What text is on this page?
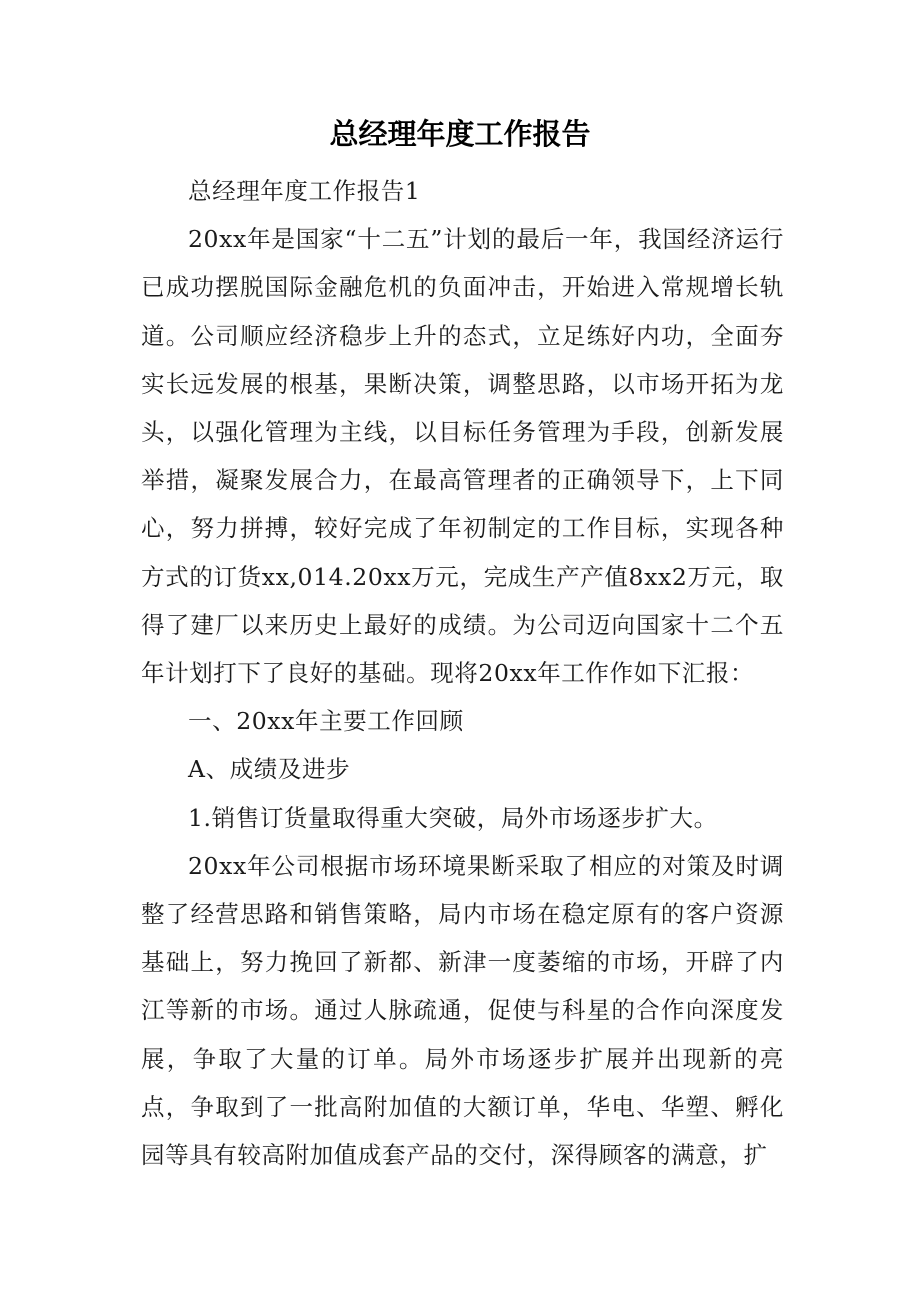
总经理年度工作报告

总经理年度工作报告1

20xx年是国家“十二五”计划的最后一年，我国经济运行已成功摆脱国际金融危机的负面冲击，开始进入常规增长轨道。公司顺应经济稳步上升的态式，立足练好内功，全面夯实长远发展的根基，果断决策，调整思路，以市场开拓为龙头，以强化管理为主线，以目标任务管理为手段，创新发展举措，凝聚发展合力，在最高管理者的正确领导下，上下同心，努力拼搏，较好完成了年初制定的工作目标，实现各种方式的订货xx,014.20xx万元，完成生产产值8xx2万元，取得了建厂以来历史上最好的成绩。为公司迈向国家十二个五年计划打下了良好的基础。现将20xx年工作作如下汇报：

一、20xx年主要工作回顾

A、成绩及进步

1.销售订货量取得重大突破，局外市场逐步扩大。

20xx年公司根据市场环境果断采取了相应的对策及时调整了经营思路和销售策略，局内市场在稳定原有的客户资源基础上，努力挽回了新都、新津一度萎缩的市场，开辟了内江等新的市场。通过人脉疏通，促使与科星的合作向深度发展，争取了大量的订单。局外市场逐步扩展并出现新的亮点，争取到了一批高附加值的大额订单，华电、华塑、孵化园等具有较高附加值成套产品的交付，深得顾客的满意，扩
